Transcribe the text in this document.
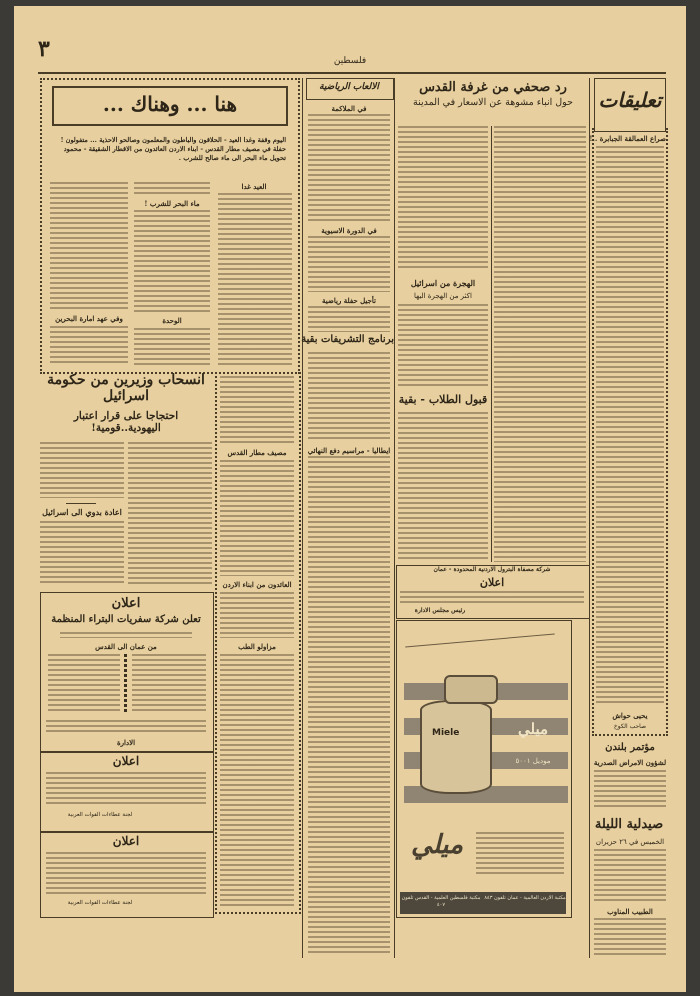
٣	فلسطين
تعليقات
صراع العمالقة الجبابرة ..!
يحيى حواش
صاحب الكوخ
مؤتمر بلندن
لشؤون الامراض الصدرية
صيدلية الليلة
الخميس في ٢٦ حزيران
الطبيب المناوب
رد صحفي من غرفة القدس
حول انباء مشوهة عن الاسعار في المدينة
الهجرة من اسرائيل
اكثر من الهجرة اليها
قبول الطلاب - بقية
شركة مصفاة البترول الاردنية المحدودة - عمان
اعلان
رئيس مجلس الادارة
Miele	ميلي
موديل ٥٠٠١
ميلي
مكتبة الاردن العالمية - عمان تلفون ٨٤٣
مكتبة فلسطين العلمية - القدس تلفون ٤٠٧
الالعاب الرياضية
في الملاكمة
في الدورة الاسيوية
تأجيل حفلة رياضية
برنامج التشريفات بقية
ايطاليا - مراسيم دفع النهائي
هنا ... وهناك ...
اليوم وقفة وغدا العيد - الحلاقون والباطون والمعلمون وصالحو الاحذية ... متفولون ! حفلة في مصيف مطار القدس - ابناء الاردن العائدون من الاقطار الشقيقة - محمود تحويل ماء البحر الى ماء صالح للشرب .
العيد غدا
ماء البحر للشرب !
الوحدة
وفي عهد امارة البحرين
مصيف مطار القدس
العائدون من ابناء الاردن
مزاولو الطب
انسحاب وزيرين من حكومة اسرائيل
احتجاجا على قرار اعتبار اليهودية..قومية!
اعادة بدوي الى اسرائيل
اعلان
تعلن شركة سفريات البتراء المنظمة
من عمان الى القدس
الادارة
اعلان
لجنة عطاءات القوات العربية
اعلان
لجنة عطاءات القوات العربية
